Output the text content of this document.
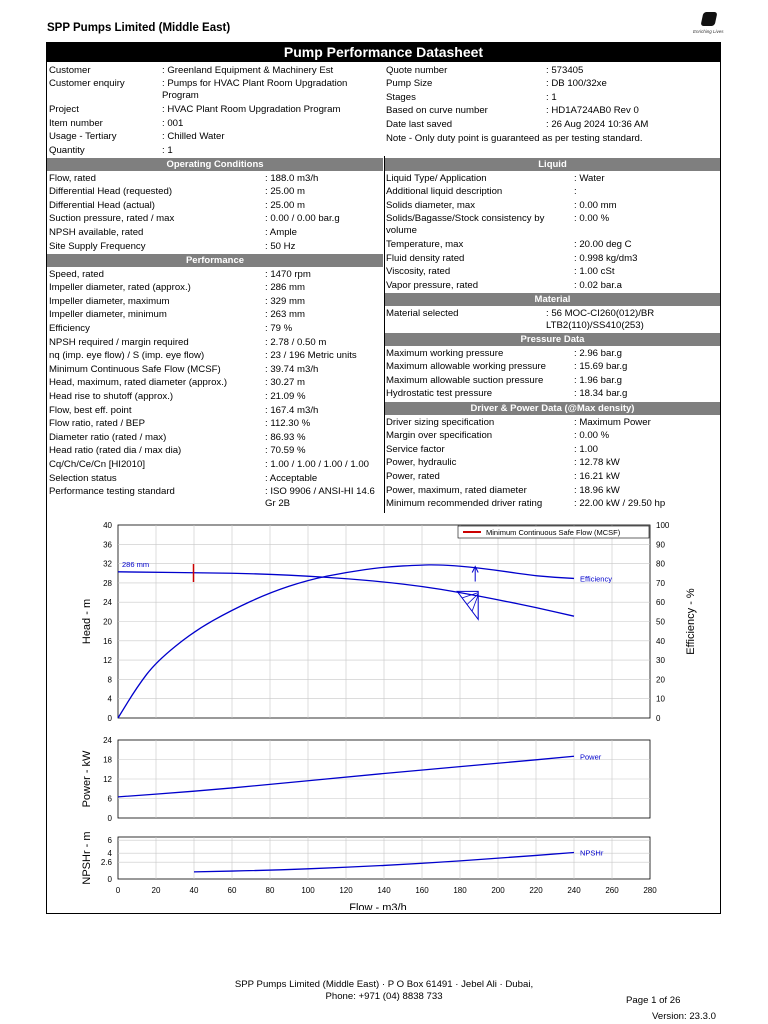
SPP Pumps Limited (Middle East)	Enriching Lives
Pump Performance Datasheet
Customer	: Greenland Equipment & Machinery Est
Customer enquiry	: Pumps for HVAC Plant Room Upgradation Program
Project	: HVAC Plant Room Upgradation Program
Item number	: 001
Usage - Tertiary	: Chilled Water
Quantity	: 1
Quote number	: 573405
Pump Size	: DB 100/32xe
Stages	: 1
Based on curve number	: HD1A724AB0 Rev 0
Date last saved	: 26 Aug 2024 10:36 AM
Note - Only duty point is guaranteed as per testing standard.
Operating Conditions
Flow, rated	: 188.0 m3/h
Differential Head (requested)	: 25.00 m
Differential Head (actual)	: 25.00 m
Suction pressure, rated / max	: 0.00 / 0.00 bar.g
NPSH available, rated	: Ample
Site Supply Frequency	: 50 Hz
Performance
Speed, rated	: 1470 rpm
Impeller diameter, rated (approx.)	: 286 mm
Impeller diameter, maximum	: 329 mm
Impeller diameter, minimum	: 263 mm
Efficiency	: 79 %
NPSH required / margin required	: 2.78 / 0.50 m
nq (imp. eye flow) / S (imp. eye flow)	: 23 / 196 Metric units
Minimum Continuous Safe Flow (MCSF)	: 39.74 m3/h
Head, maximum, rated diameter (approx.)	: 30.27 m
Head rise to shutoff (approx.)	: 21.09 %
Flow, best eff. point	: 167.4 m3/h
Flow ratio, rated / BEP	: 112.30 %
Diameter ratio (rated / max)	: 86.93 %
Head ratio (rated dia / max dia)	: 70.59 %
Cq/Ch/Ce/Cn [HI2010]	: 1.00 / 1.00 / 1.00 / 1.00
Selection status	: Acceptable
Performance testing standard	: ISO 9906 / ANSI-HI 14.6 Gr 2B
Liquid
Liquid Type/ Application	: Water
Additional liquid description	:
Solids diameter, max	: 0.00 mm
Solids/Bagasse/Stock consistency by volume
: 0.00 %
Temperature, max	: 20.00 deg C
Fluid density rated	: 0.998 kg/dm3
Viscosity, rated	: 1.00 cSt
Vapor pressure, rated	: 0.02 bar.a
Material
Material selected	: 56 MOC-CI260(012)/BR LTB2(110)/SS410(253)
Pressure Data
Maximum working pressure	: 2.96 bar.g
Maximum allowable working pressure	: 15.69 bar.g
Maximum allowable suction pressure	: 1.96 bar.g
Hydrostatic test pressure	: 18.34 bar.g
Driver & Power Data (@Max density)
Driver sizing specification	: Maximum Power
Margin over specification	: 0.00 %
Service factor	: 1.00
Power, hydraulic	: 12.78 kW
Power, rated	: 16.21 kW
Power, maximum, rated diameter	: 18.96 kW
Minimum recommended driver rating	: 22.00 kW / 29.50 hp
0
4
8
12
16
20
24
28
32
36
40
0
10
20
30
40
50
60
70
80
90
100
Efficiency - %
Head - m
286 mm
Efficiency
Minimum Continuous Safe Flow (MCSF)
0
6
12
18
24
Power - kW	Power
0
2.6
4
6
NPSHr - m	NPSHr
0	20	40	60	80	100	120	140	160	180	200	220	240	260	280
Flow - m3/h
SPP Pumps Limited (Middle East) · P O Box 61491 · Jebel Ali · Dubai,
Phone: +971 (04) 8838 733	Page 1 of 26
Version: 23.3.0
